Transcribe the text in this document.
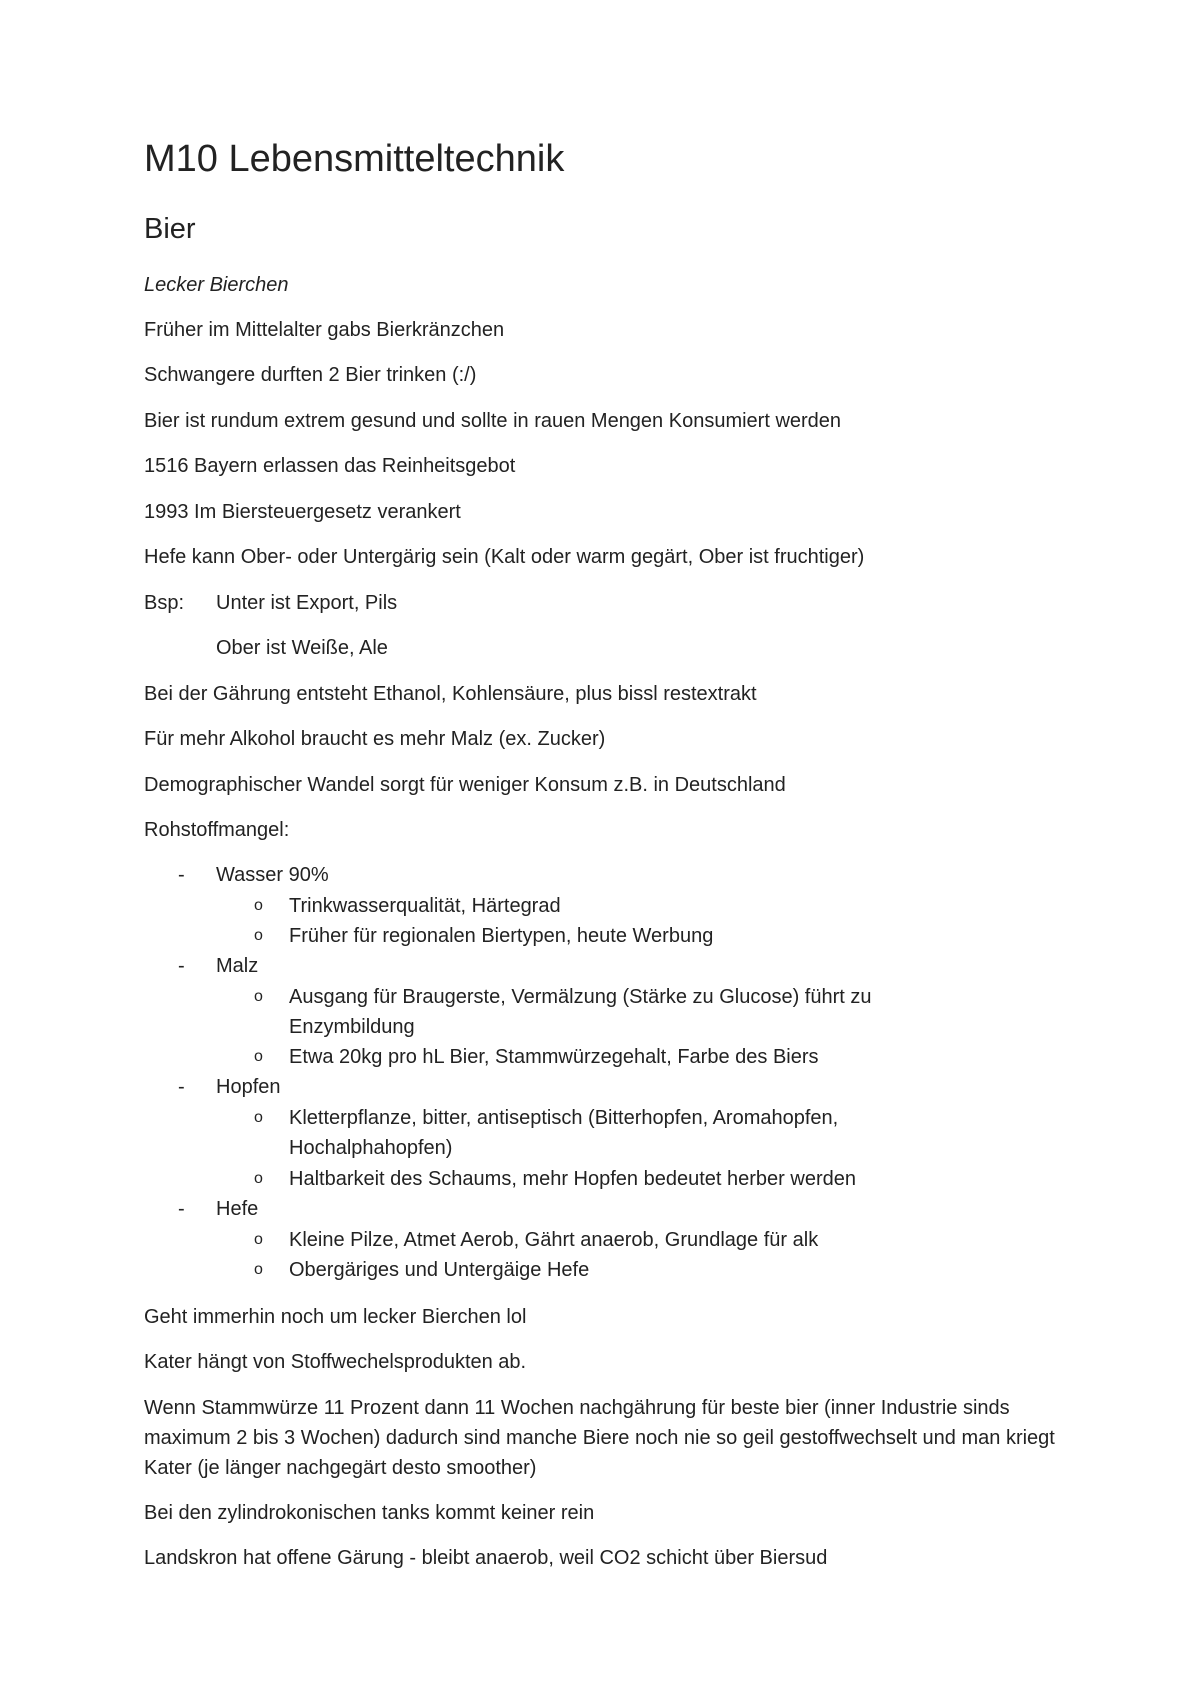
M10 Lebensmitteltechnik
Bier

Lecker Bierchen

Früher im Mittelalter gabs Bierkränzchen

Schwangere durften 2 Bier trinken (:/)

Bier ist rundum extrem gesund und sollte in rauen Mengen Konsumiert werden

1516 Bayern erlassen das Reinheitsgebot

1993 Im Biersteuergesetz verankert

Hefe kann Ober- oder Untergärig sein (Kalt oder warm gegärt, Ober ist fruchtiger)

Bsp: Unter ist Export, Pils

Ober ist Weiße, Ale

Bei der Gährung entsteht Ethanol, Kohlensäure, plus bissl restextrakt

Für mehr Alkohol braucht es mehr Malz (ex. Zucker)

Demographischer Wandel sorgt für weniger Konsum z.B. in Deutschland

Rohstoffmangel:

- Wasser 90%
o Trinkwasserqualität, Härtegrad
o Früher für regionalen Biertypen, heute Werbung
- Malz
o Ausgang für Braugerste, Vermälzung (Stärke zu Glucose) führt zu Enzymbildung
o Etwa 20kg pro hL Bier, Stammwürzegehalt, Farbe des Biers
- Hopfen
o Kletterpflanze, bitter, antiseptisch (Bitterhopfen, Aromahopfen, Hochalphahopfen)
o Haltbarkeit des Schaums, mehr Hopfen bedeutet herber werden
- Hefe
o Kleine Pilze, Atmet Aerob, Gährt anaerob, Grundlage für alk
o Obergäriges und Untergäige Hefe

Geht immerhin noch um lecker Bierchen lol

Kater hängt von Stoffwechelsprodukten ab.

Wenn Stammwürze 11 Prozent dann 11 Wochen nachgährung für beste bier (inner Industrie sinds maximum 2 bis 3 Wochen) dadurch sind manche Biere noch nie so geil gestoffwechselt und man kriegt Kater (je länger nachgegärt desto smoother)

Bei den zylindrokonischen tanks kommt keiner rein

Landskron hat offene Gärung - bleibt anaerob, weil CO2 schicht über Biersud
